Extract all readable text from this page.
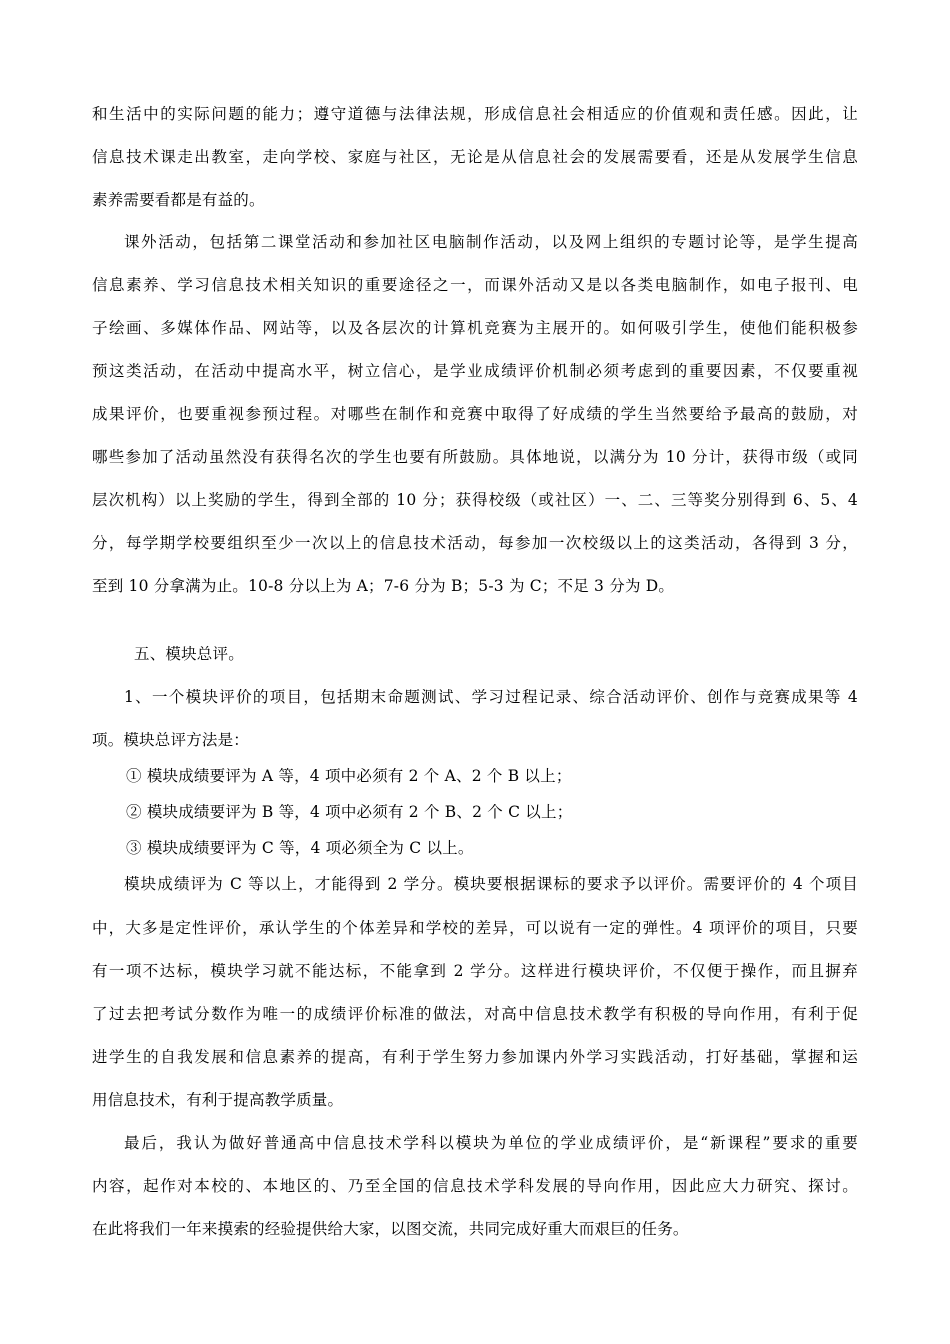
和生活中的实际问题的能力；遵守道德与法律法规，形成信息社会相适应的价值观和责任感。因此，让
信息技术课走出教室，走向学校、家庭与社区，无论是从信息社会的发展需要看，还是从发展学生信息
素养需要看都是有益的。
课外活动，包括第二课堂活动和参加社区电脑制作活动，以及网上组织的专题讨论等，是学生提高
信息素养、学习信息技术相关知识的重要途径之一，而课外活动又是以各类电脑制作，如电子报刊、电
子绘画、多媒体作品、网站等，以及各层次的计算机竞赛为主展开的。如何吸引学生，使他们能积极参
预这类活动，在活动中提高水平，树立信心，是学业成绩评价机制必须考虑到的重要因素，不仅要重视
成果评价，也要重视参预过程。对哪些在制作和竞赛中取得了好成绩的学生当然要给予最高的鼓励，对
哪些参加了活动虽然没有获得名次的学生也要有所鼓励。具体地说，以满分为 10 分计，获得市级（或同
层次机构）以上奖励的学生，得到全部的 10 分；获得校级（或社区）一、二、三等奖分别得到 6、5、4
分，每学期学校要组织至少一次以上的信息技术活动，每参加一次校级以上的这类活动，各得到 3 分，
至到 10 分拿满为止。10-8 分以上为 A；7-6 分为 B；5-3 为 C；不足 3 分为 D。
五、模块总评。
1、一个模块评价的项目，包括期末命题测试、学习过程记录、综合活动评价、创作与竞赛成果等 4
项。模块总评方法是：
① 模块成绩要评为 A 等，4 项中必须有 2 个 A、2 个 B 以上；
② 模块成绩要评为 B 等，4 项中必须有 2 个 B、2 个 C 以上；
③ 模块成绩要评为 C 等，4 项必须全为 C 以上。
模块成绩评为 C 等以上，才能得到 2 学分。模块要根据课标的要求予以评价。需要评价的 4 个项目
中，大多是定性评价，承认学生的个体差异和学校的差异，可以说有一定的弹性。4 项评价的项目，只要
有一项不达标，模块学习就不能达标，不能拿到 2 学分。这样进行模块评价，不仅便于操作，而且摒弃
了过去把考试分数作为唯一的成绩评价标准的做法，对高中信息技术教学有积极的导向作用，有利于促
进学生的自我发展和信息素养的提高，有利于学生努力参加课内外学习实践活动，打好基础，掌握和运
用信息技术，有利于提高教学质量。
最后，我认为做好普通高中信息技术学科以模块为单位的学业成绩评价，是“新课程”要求的重要
内容，起作对本校的、本地区的、乃至全国的信息技术学科发展的导向作用，因此应大力研究、探讨。
在此将我们一年来摸索的经验提供给大家，以图交流，共同完成好重大而艰巨的任务。
